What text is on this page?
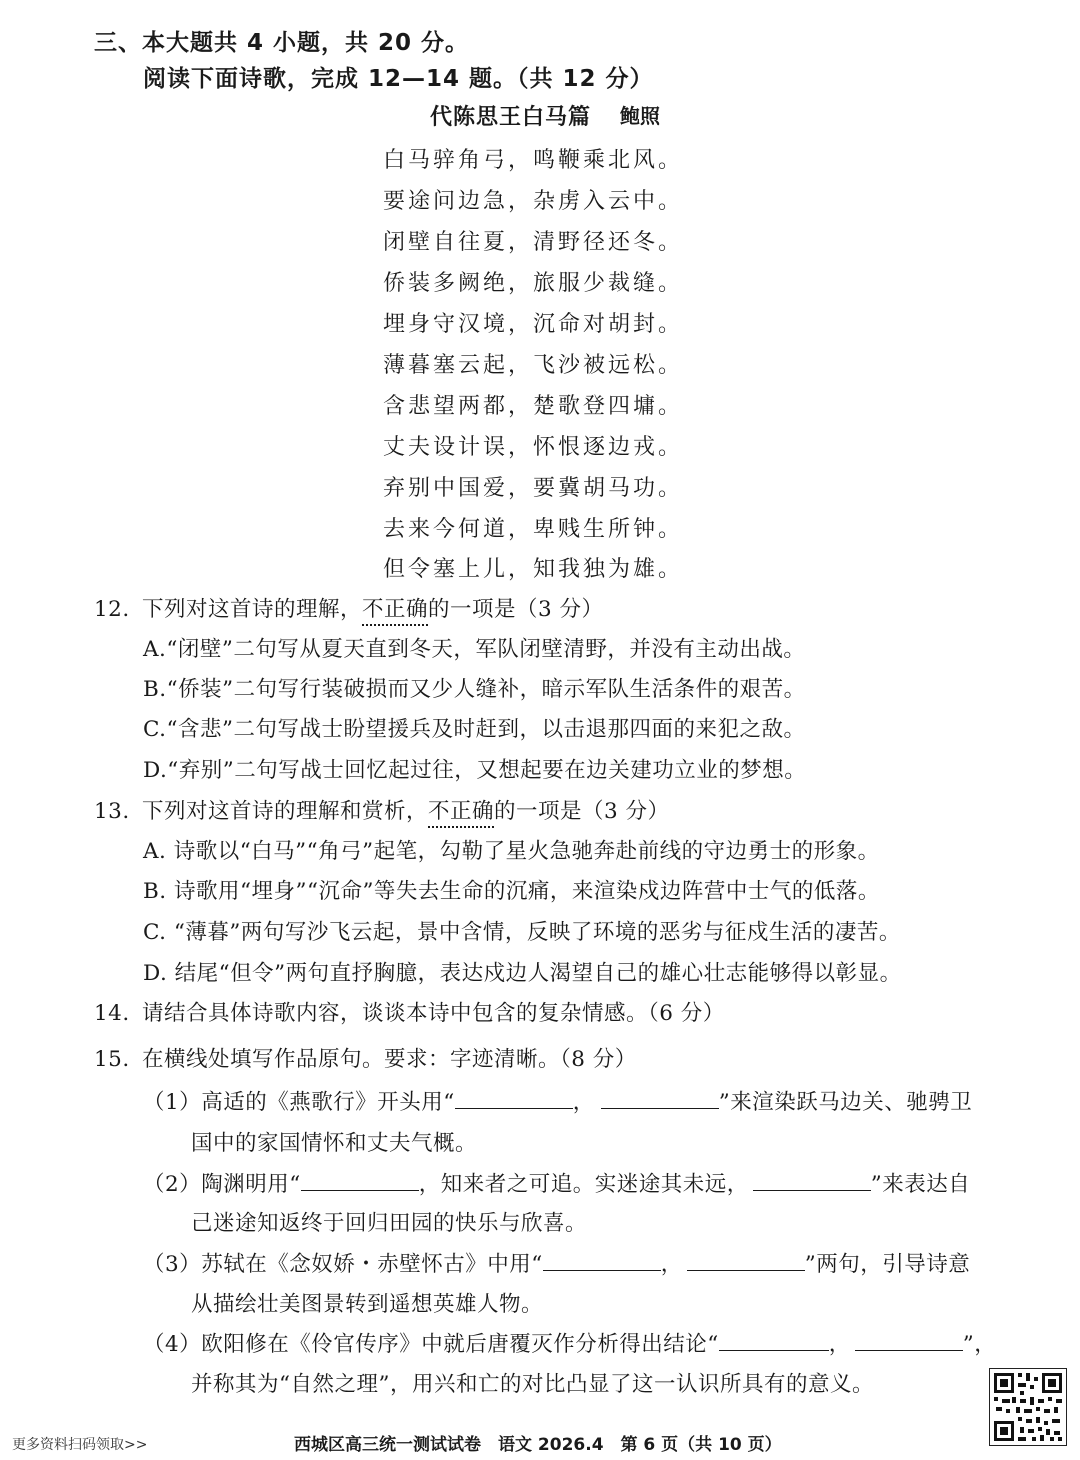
三、本大题共 4 小题，共 20 分。
阅读下面诗歌，完成 12—14 题。（共 12 分）
代陈思王白马篇 鲍照
白马骍角弓，鸣鞭乘北风。
要途问边急，杂虏入云中。
闭壁自往夏，清野径还冬。
侨装多阙绝，旅服少裁缝。
埋身守汉境，沉命对胡封。
薄暮塞云起，飞沙被远松。
含悲望两都，楚歌登四墉。
丈夫设计误，怀恨逐边戎。
弃别中国爱，要冀胡马功。
去来今何道，卑贱生所钟。
但令塞上儿，知我独为雄。
12. 下列对这首诗的理解，不正确的一项是（3 分）
A.“闭壁”二句写从夏天直到冬天，军队闭壁清野，并没有主动出战。
B.“侨装”二句写行装破损而又少人缝补，暗示军队生活条件的艰苦。
C.“含悲”二句写战士盼望援兵及时赶到，以击退那四面的来犯之敌。
D.“弃别”二句写战士回忆起过往，又想起要在边关建功立业的梦想。
13. 下列对这首诗的理解和赏析，不正确的一项是（3 分）
A. 诗歌以“白马”“角弓”起笔，勾勒了星火急驰奔赴前线的守边勇士的形象。
B. 诗歌用“埋身”“沉命”等失去生命的沉痛，来渲染戍边阵营中士气的低落。
C. “薄暮”两句写沙飞云起，景中含情，反映了环境的恶劣与征戍生活的凄苦。
D. 结尾“但令”两句直抒胸臆，表达戍边人渴望自己的雄心壮志能够得以彰显。
14. 请结合具体诗歌内容，谈谈本诗中包含的复杂情感。（6 分）
15. 在横线处填写作品原句。要求：字迹清晰。（8 分）
（1）高适的《燕歌行》开头用“	，	”来渲染跃马边关、驰骋卫
国中的家国情怀和丈夫气概。
（2）陶渊明用“	，知来者之可追。实迷途其未远，	”来表达自
己迷途知返终于回归田园的快乐与欣喜。
（3）苏轼在《念奴娇・赤壁怀古》中用“	，	”两句，引导诗意
从描绘壮美图景转到遥想英雄人物。
（4）欧阳修在《伶官传序》中就后唐覆灭作分析得出结论“	，	”，
并称其为“自然之理”，用兴和亡的对比凸显了这一认识所具有的意义。
更多资料扫码领取>>	西城区高三统一测试试卷　语文 2026.4　第 6 页（共 10 页）
